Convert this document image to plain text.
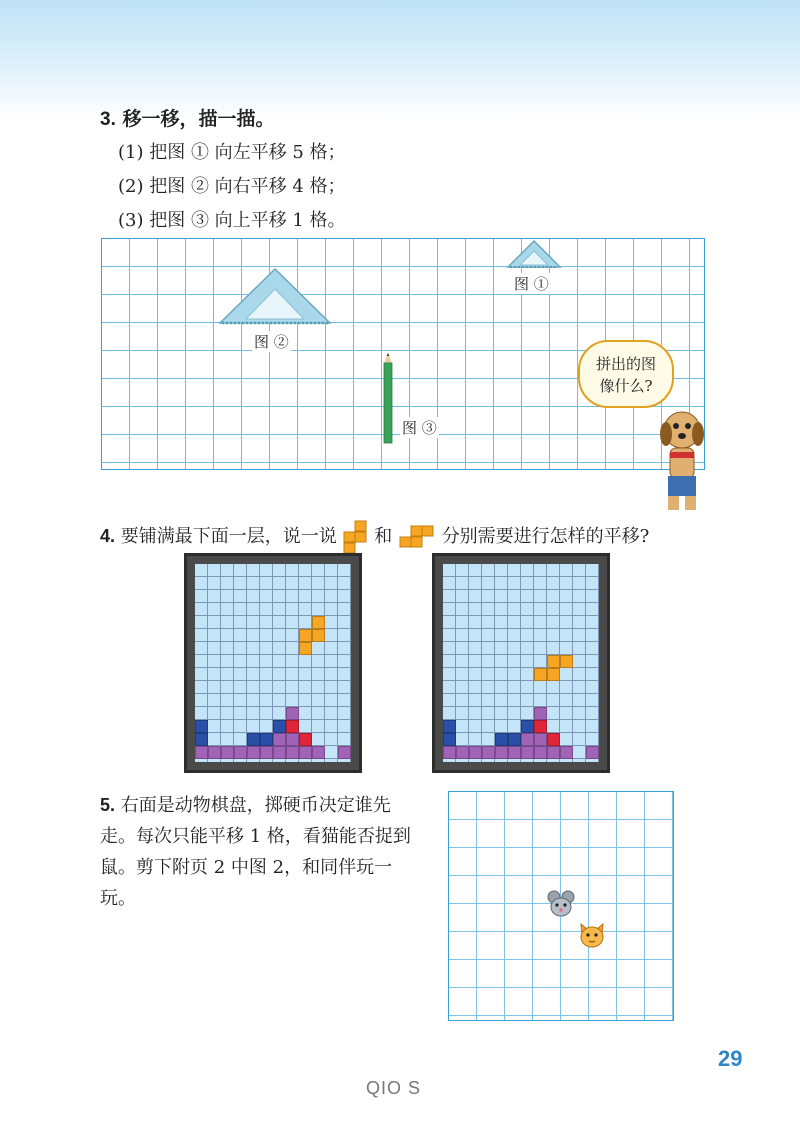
3. 移一移，描一描。
(1) 把图 ① 向左平移 5 格；
(2) 把图 ② 向右平移 4 格；
(3) 把图 ③ 向上平移 1 格。
图 ①
图 ②
图 ③
拼出的图
像什么?
4. 要铺满最下面一层，说一说 和	分别需要进行怎样的平移?
5. 右面是动物棋盘，掷硬币决定谁先走。每次只能平移 1 格，看猫能否捉到鼠。剪下附页 2 中图 2，和同伴玩一玩。
29
QIO S
